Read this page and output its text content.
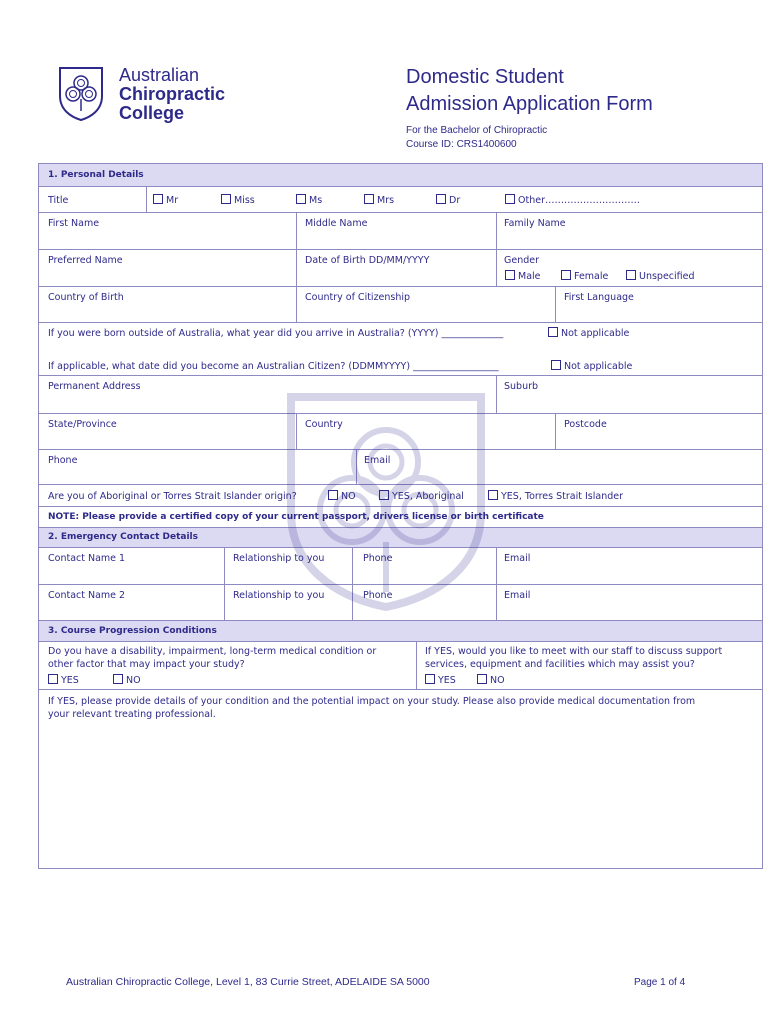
Australian
Chiropractic
College
Domestic Student
Admission Application Form
For the Bachelor of Chiropractic
Course ID: CRS1400600
1. Personal Details
Title	Mr	Miss	Ms	Mrs	Dr	Other…………………………
First Name	Middle Name	Family Name
Preferred Name	Date of Birth DD/MM/YYYY	Gender
Male	Female	Unspecified
Country of Birth	Country of Citizenship	First Language
If you were born outside of Australia, what year did you arrive in Australia? (YYYY) _____________	Not applicable
If applicable, what date did you become an Australian Citizen? (DDMMYYYY) __________________	Not applicable
Permanent Address	Suburb
State/Province	Country	Postcode
Phone	Email
Are you of Aboriginal or Torres Strait Islander origin?	NO	YES, Aboriginal	YES, Torres Strait Islander
NOTE: Please provide a certified copy of your current passport, drivers license or birth certificate
2. Emergency Contact Details
Contact Name 1	Relationship to you	Phone	Email
Contact Name 2	Relationship to you	Phone	Email
3. Course Progression Conditions
Do you have a disability, impairment, long-term medical condition or
other factor that may impact your study?
YES	NO
If YES, would you like to meet with our staff to discuss support
services, equipment and facilities which may assist you?
YES	NO
If YES, please provide details of your condition and the potential impact on your study. Please also provide medical documentation from
your relevant treating professional.
Australian Chiropractic College, Level 1, 83 Currie Street, ADELAIDE SA 5000	Page 1 of 4
